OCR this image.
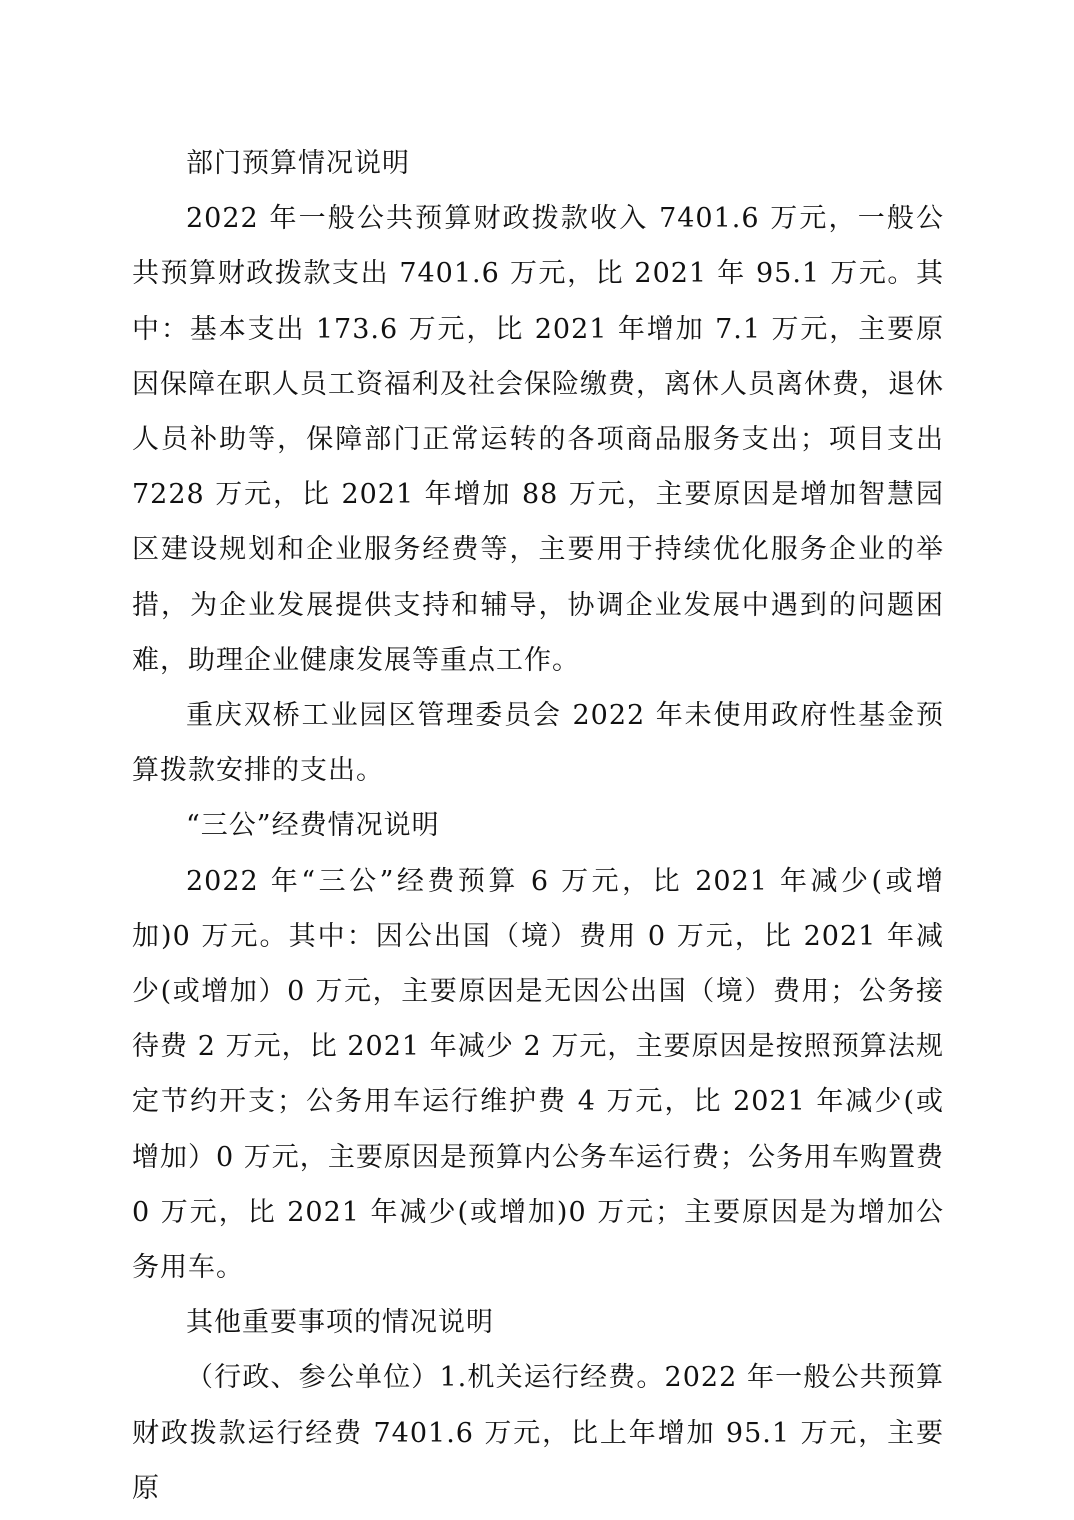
部门预算情况说明

2022 年一般公共预算财政拨款收入 7401.6 万元，一般公共预算财政拨款支出 7401.6 万元，比 2021 年 95.1 万元。其中：基本支出 173.6 万元，比 2021 年增加 7.1 万元，主要原因保障在职人员工资福利及社会保险缴费，离休人员离休费，退休人员补助等，保障部门正常运转的各项商品服务支出；项目支出 7228 万元，比 2021 年增加 88 万元，主要原因是增加智慧园区建设规划和企业服务经费等，主要用于持续优化服务企业的举措，为企业发展提供支持和辅导，协调企业发展中遇到的问题困难，助理企业健康发展等重点工作。

重庆双桥工业园区管理委员会 2022 年未使用政府性基金预算拨款安排的支出。

“三公”经费情况说明

2022 年“三公”经费预算 6 万元，比 2021 年减少(或增加)0 万元。其中：因公出国（境）费用 0 万元，比 2021 年减少(或增加）0 万元，主要原因是无因公出国（境）费用；公务接待费 2 万元，比 2021 年减少 2 万元，主要原因是按照预算法规定节约开支；公务用车运行维护费 4 万元，比 2021 年减少(或增加）0 万元，主要原因是预算内公务车运行费；公务用车购置费 0 万元，比 2021 年减少(或增加)0 万元；主要原因是为增加公务用车。

其他重要事项的情况说明

（行政、参公单位）1.机关运行经费。2022 年一般公共预算财政拨款运行经费 7401.6 万元，比上年增加 95.1 万元，主要原
